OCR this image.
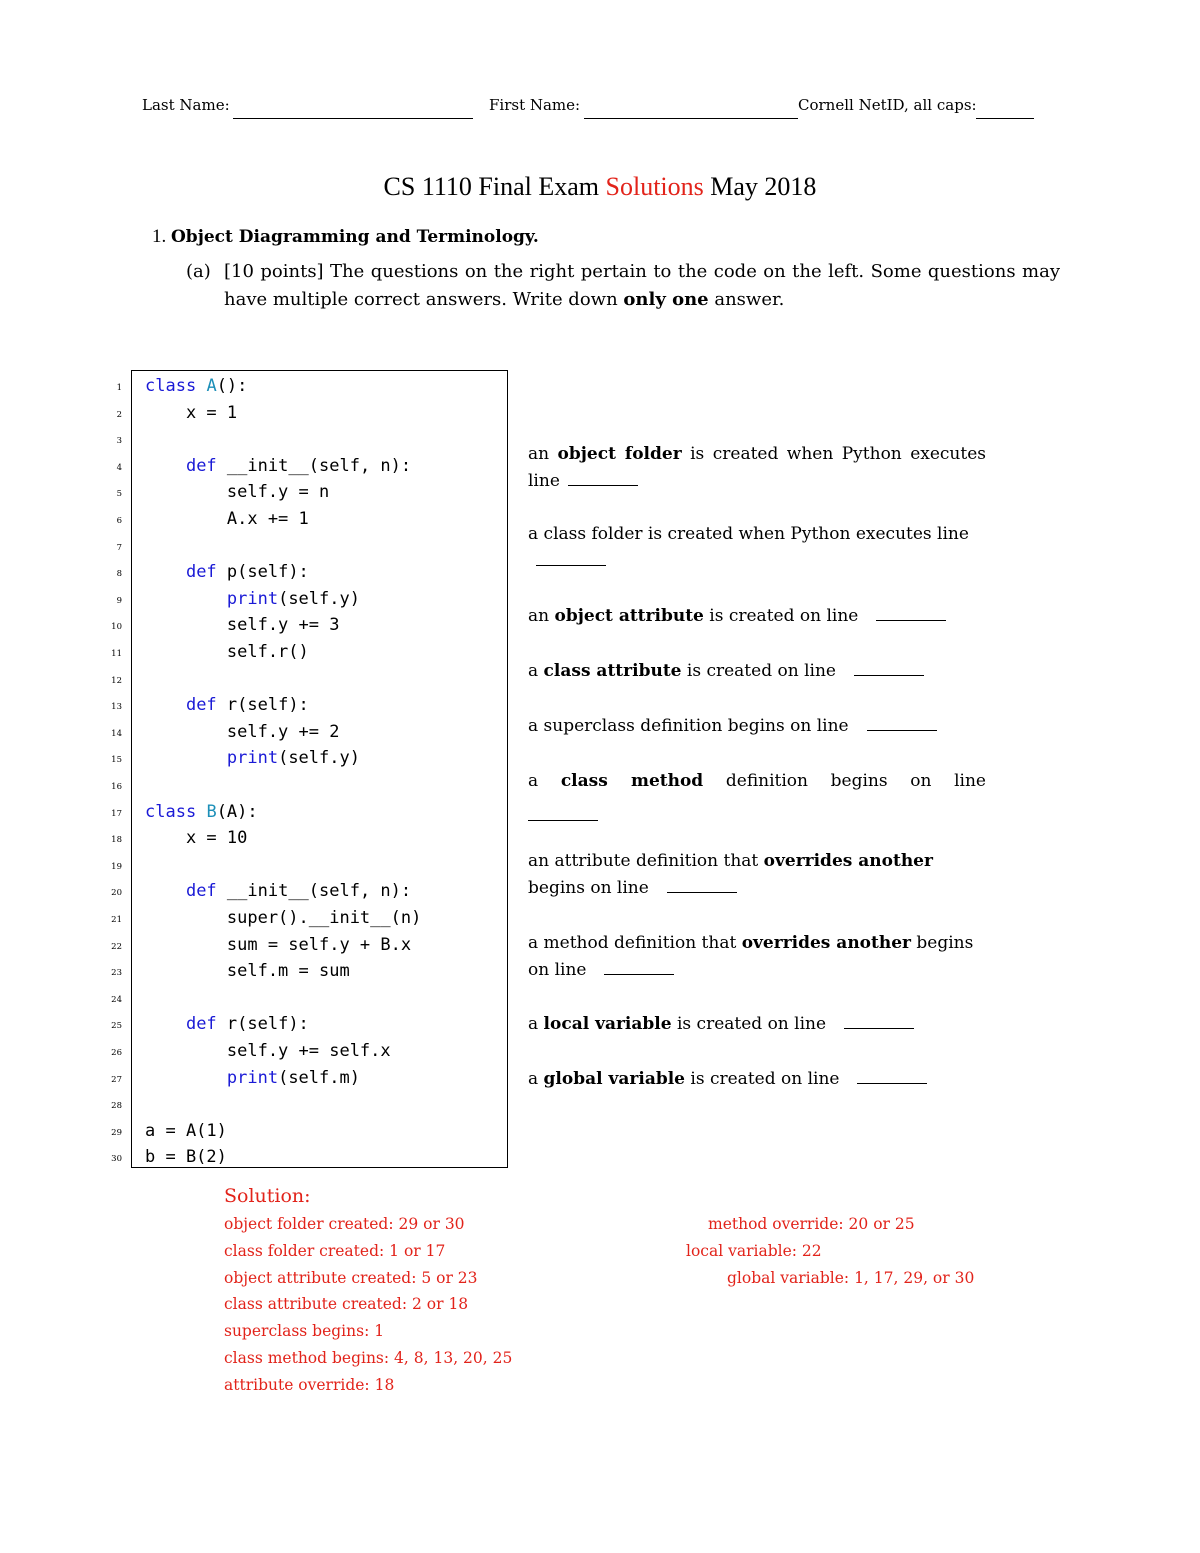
Last Name:	First Name:	Cornell NetID, all caps:
CS 1110 Final Exam Solutions May 2018
1. Object Diagramming and Terminology.
(a) [10 points] The questions on the right pertain to the code on the left. Some questions may have multiple correct answers. Write down only one answer.
1 class A():
2 x = 1
3
4	def __init__(self, n):
5 self.y = n
6 A.x += 1
7
8	def p(self):
9	print(self.y)
10 self.y += 3
11 self.r()
12
13	def r(self):
14 self.y += 2
15	print(self.y)
16
17 class B(A):
18 x = 10
19
20	def __init__(self, n):
21 super().__init__(n)
22 sum = self.y + B.x
23 self.m = sum
24
25	def r(self):
26 self.y += self.x
27	print(self.m)
28
29 a = A(1)
30 b = B(2)
an object folder is created when Python executes line
a class folder is created when Python executes line
an object attribute is created on line
a class attribute is created on line
a superclass definition begins on line
a class method definition begins on line
an attribute definition that overrides another begins on line
a method definition that overrides another begins on line
a local variable is created on line
a global variable is created on line
Solution:
object folder created: 29 or 30
class folder created: 1 or 17
object attribute created: 5 or 23
class attribute created: 2 or 18
superclass begins: 1
class method begins: 4, 8, 13, 20, 25
attribute override: 18
method override: 20 or 25
local variable: 22
global variable: 1, 17, 29, or 30
